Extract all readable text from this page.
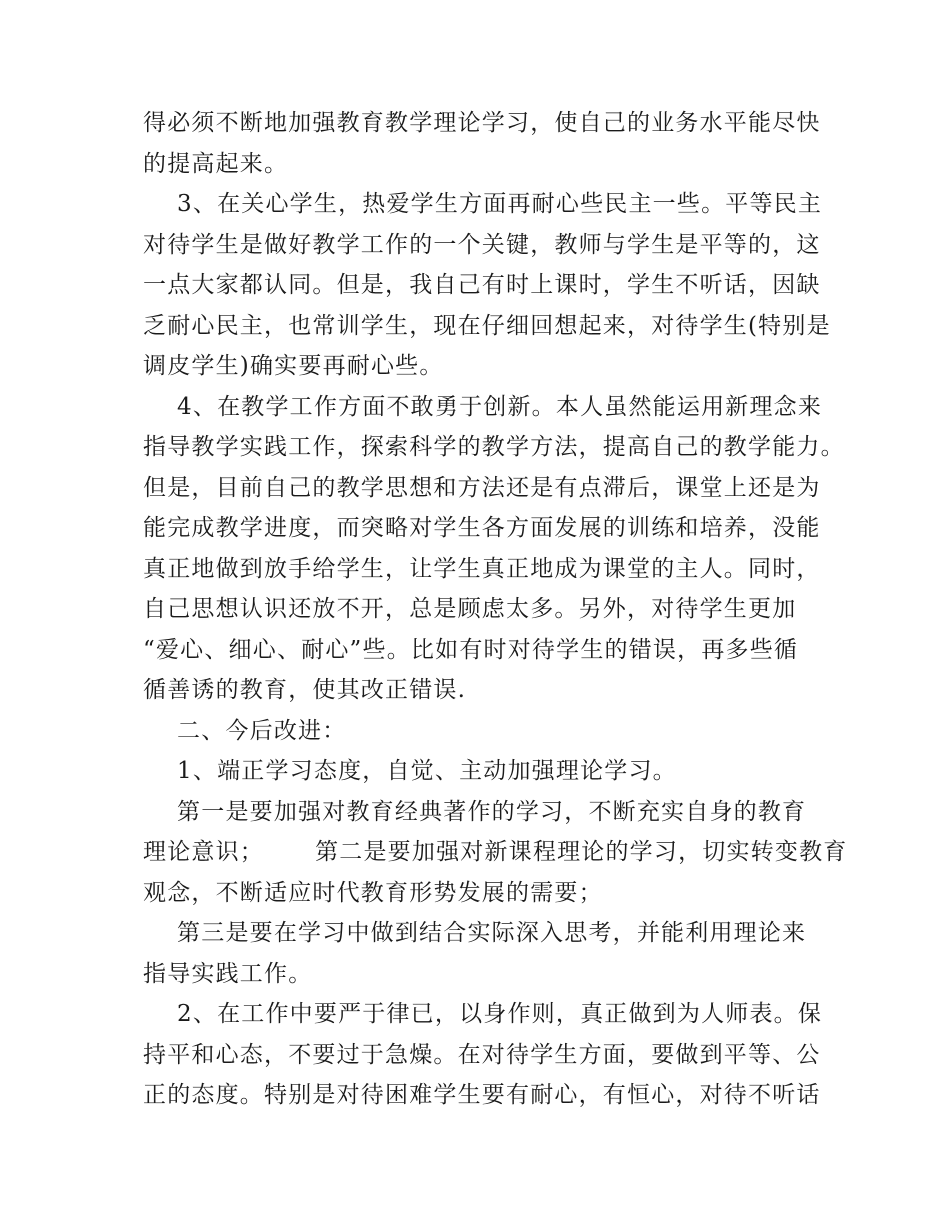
得必须不断地加强教育教学理论学习，使自己的业务水平能尽快
的提高起来。
3、在关心学生，热爱学生方面再耐心些民主一些。平等民主
对待学生是做好教学工作的一个关键，教师与学生是平等的，这
一点大家都认同。但是，我自己有时上课时，学生不听话，因缺
乏耐心民主，也常训学生，现在仔细回想起来，对待学生(特别是
调皮学生)确实要再耐心些。
4、在教学工作方面不敢勇于创新。本人虽然能运用新理念来
指导教学实践工作，探索科学的教学方法，提高自己的教学能力。
但是，目前自己的教学思想和方法还是有点滞后，课堂上还是为
能完成教学进度，而突略对学生各方面发展的训练和培养，没能
真正地做到放手给学生，让学生真正地成为课堂的主人。同时，
自己思想认识还放不开，总是顾虑太多。另外，对待学生更加
“爱心、细心、耐心”些。比如有时对待学生的错误，再多些循
循善诱的教育，使其改正错误.
二、今后改进：
1、端正学习态度，自觉、主动加强理论学习。
第一是要加强对教育经典著作的学习，不断充实自身的教育
理论意识；      第二是要加强对新课程理论的学习，切实转变教育
观念，不断适应时代教育形势发展的需要；
第三是要在学习中做到结合实际深入思考，并能利用理论来
指导实践工作。
2、在工作中要严于律已，以身作则，真正做到为人师表。保
持平和心态，不要过于急燥。在对待学生方面，要做到平等、公
正的态度。特别是对待困难学生要有耐心，有恒心，对待不听话
